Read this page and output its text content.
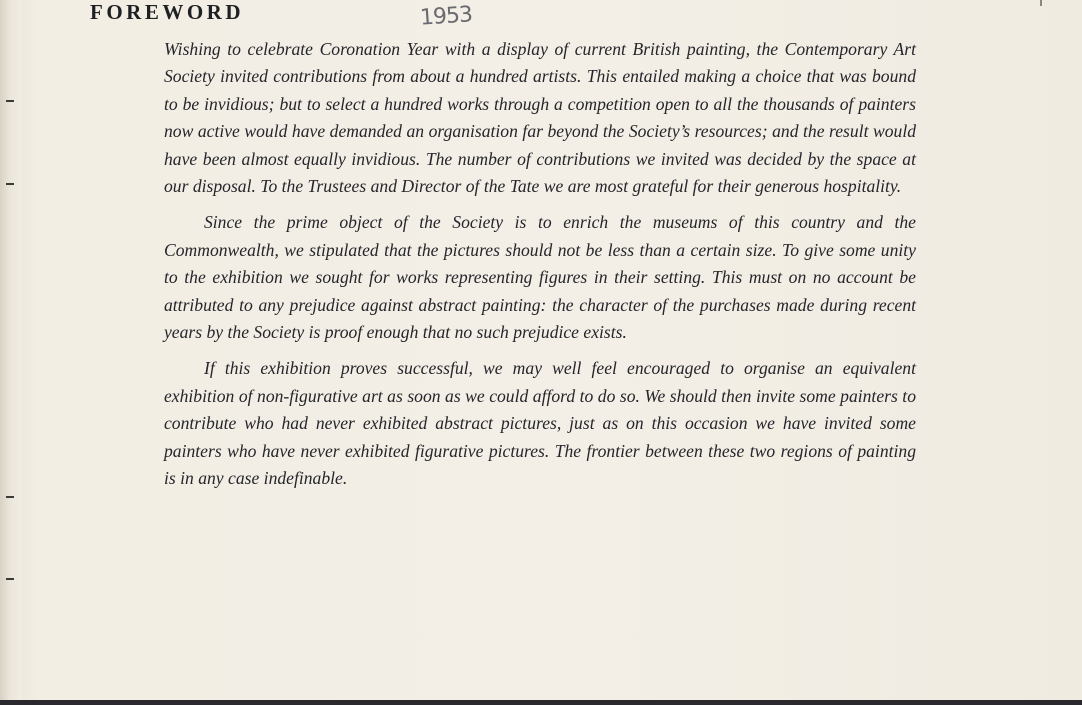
FOREWORD	1953

Wishing to celebrate Coronation Year with a display of current British painting, the Contemporary Art Society invited contributions from about a hundred artists. This entailed making a choice that was bound to be invidious; but to select a hundred works through a competition open to all the thousands of painters now active would have demanded an organisation far beyond the Society’s resources; and the result would have been almost equally invidious. The number of contributions we invited was decided by the space at our disposal. To the Trustees and Director of the Tate we are most grateful for their generous hospitality.

Since the prime object of the Society is to enrich the museums of this country and the Commonwealth, we stipulated that the pictures should not be less than a certain size. To give some unity to the exhibition we sought for works representing figures in their setting. This must on no account be attributed to any prejudice against abstract painting: the character of the purchases made during recent years by the Society is proof enough that no such prejudice exists.

If this exhibition proves successful, we may well feel encouraged to organise an equivalent exhibition of non-figurative art as soon as we could afford to do so. We should then invite some painters to contribute who had never exhibited abstract pictures, just as on this occasion we have invited some painters who have never exhibited figurative pictures. The frontier between these two regions of painting is in any case indefinable.
